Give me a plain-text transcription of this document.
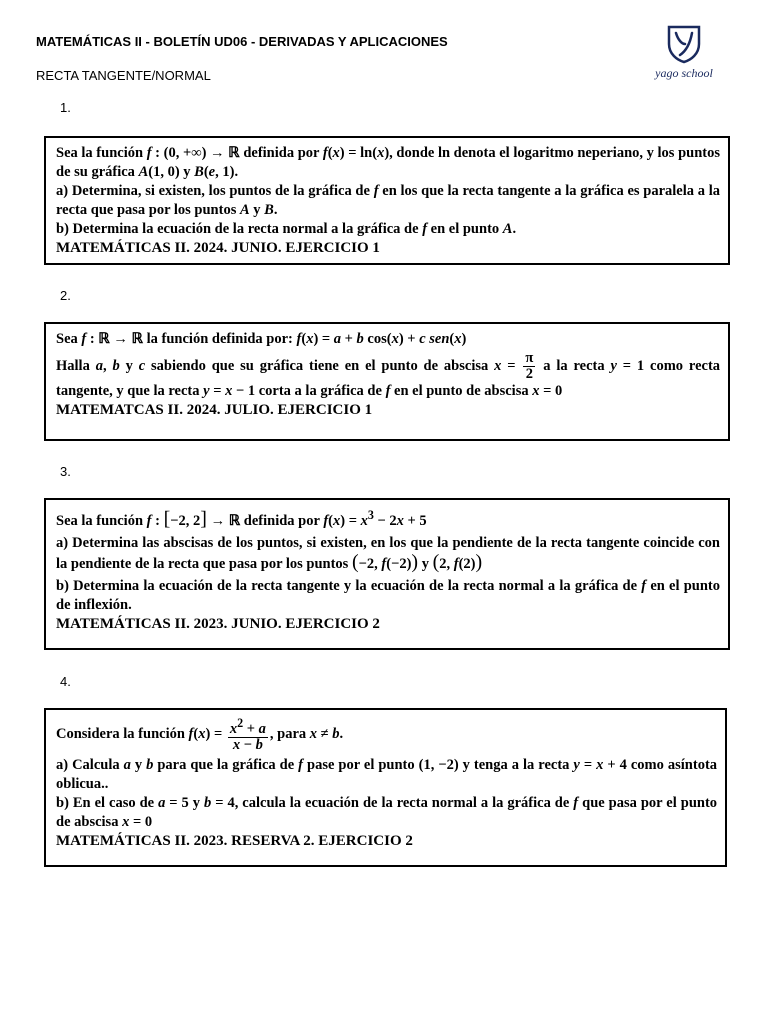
MATEMÁTICAS II - BOLETÍN UD06 - DERIVADAS Y APLICACIONES
RECTA TANGENTE/NORMAL	yago school
1.

Sea la función f : (0, +∞) → ℝ definida por f(x) = ln(x), donde ln denota el logaritmo neperiano, y los puntos de su gráfica A(1, 0) y B(e, 1).

a) Determina, si existen, los puntos de la gráfica de f en los que la recta tangente a la gráfica es paralela a la recta que pasa por los puntos A y B.

b) Determina la ecuación de la recta normal a la gráfica de f en el punto A.

MATEMÁTICAS II. 2024. JUNIO. EJERCICIO 1

2.

Sea f : ℝ → ℝ la función definida por: f(x) = a + b cos(x) + c sen(x)

Halla a, b y c sabiendo que su gráfica tiene en el punto de abscisa $x = \frac{\pi}{2}$ a la recta y = 1 como recta tangente, y que la recta y = x − 1 corta a la gráfica de f en el punto de abscisa x = 0

MATEMATCAS II. 2024. JULIO. EJERCICIO 1

3.

Sea la función f : [−2, 2] → ℝ definida por $f(x) = x^3 - 2x + 5$

a) Determina las abscisas de los puntos, si existen, en los que la pendiente de la recta tangente coincide con la pendiente de la recta que pasa por los puntos (−2, f(−2)) y (2, f(2))

b) Determina la ecuación de la recta tangente y la ecuación de la recta normal a la gráfica de f en el punto de inflexión.

MATEMÁTICAS II. 2023. JUNIO. EJERCICIO 2

4.

Considera la función $f(x) = \frac{x^2 + a}{x - b}$ , para x ≠ b.

a) Calcula a y b para que la gráfica de f pase por el punto (1, −2) y tenga a la recta y = x + 4 como asíntota oblicua..

b) En el caso de a = 5 y b = 4, calcula la ecuación de la recta normal a la gráfica de f que pasa por el punto de abscisa x = 0

MATEMÁTICAS II. 2023. RESERVA 2. EJERCICIO 2
